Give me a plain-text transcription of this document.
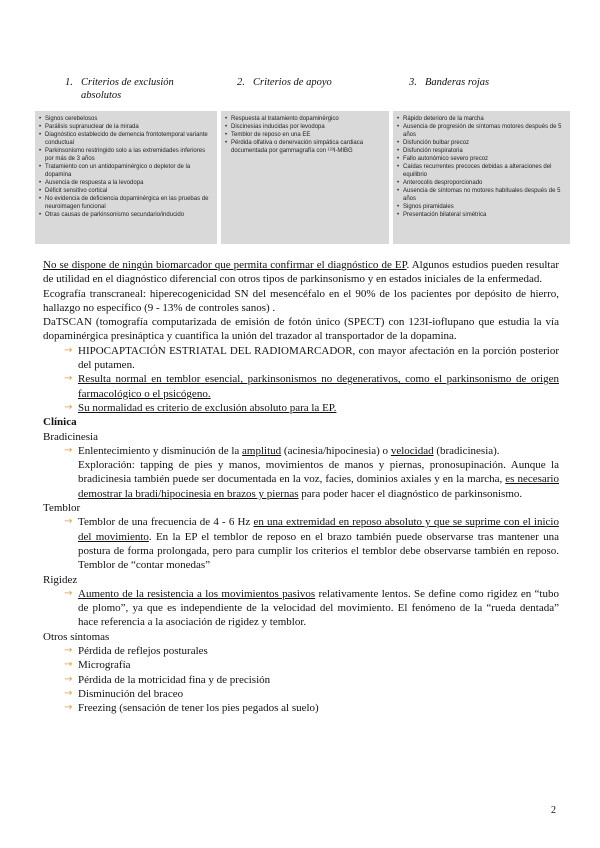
1. Criterios de exclusión
absolutos
2. Criterios de apoyo	3. Banderas rojas
• Signos cerebelosos
• Parálisis supranuclear de la mirada
• Diagnóstico establecido de demencia frontotemporal variante conductual
• Parkinsonismo restringido solo a las extremidades inferiores por más de 3 años
• Tratamiento con un antidopaminérgico o depletor de la dopamina
• Ausencia de respuesta a la levodopa
• Déficit sensitivo cortical
• No evidencia de deficiencia dopaminérgica en las pruebas de neuroimagen funcional
• Otras causas de parkinsonismo secundario/inducido
• Respuesta al tratamiento dopaminérgico
• Discinesias inducidas por levodopa
• Temblor de reposo en una EE
• Pérdida olfativa o denervación simpática cardiaca documentada por gammagrafía con ¹²³I-MIBG
• Rápido deterioro de la marcha
• Ausencia de progresión de síntomas motores después de 5 años
• Disfunción bulbar precoz
• Disfunción respiratoria
• Fallo autonómico severo precoz
• Caídas recurrentes precoces debidas a alteraciones del equilibrio
• Anterocolis desproporcionado
• Ausencia de síntomas no motores habituales después de 5 años
• Signos piramidales
• Presentación bilateral simétrica

No se dispone de ningún biomarcador que permita confirmar el diagnóstico de EP. Algunos estudios pueden resultar de utilidad en el diagnóstico diferencial con otros tipos de parkinsonismo y en estados iniciales de la enfermedad.

Ecografía transcraneal: hiperecogenicidad SN del mesencéfalo en el 90% de los pacientes por depósito de hierro, hallazgo no específico (9 - 13% de controles sanos) .

DaTSCAN (tomografía computarizada de emisión de fotón único (SPECT) con 123I-ioflupano que estudia la vía dopaminérgica presináptica y cuantifica la unión del trazador al transportador de la dopamina.

→ HIPOCAPTACIÓN ESTRIATAL DEL RADIOMARCADOR, con mayor afectación en la porción posterior del putamen.
→ Resulta normal en temblor esencial, parkinsonismos no degenerativos, como el parkinsonismo de origen farmacológico o el psicógeno.
→ Su normalidad es criterio de exclusión absoluto para la EP.

Clínica

Bradicinesia

→ Enlentecimiento y disminución de la amplitud (acinesia/hipocinesia) o velocidad (bradicinesia).
Exploración: tapping de pies y manos, movimientos de manos y piernas, pronosupinación. Aunque la bradicinesia también puede ser documentada en la voz, facies, dominios axiales y en la marcha, es necesario demostrar la bradi/hipocinesia en brazos y piernas para poder hacer el diagnóstico de parkinsonismo.

Temblor

→ Temblor de una frecuencia de 4 - 6 Hz en una extremidad en reposo absoluto y que se suprime con el inicio del movimiento. En la EP el temblor de reposo en el brazo también puede observarse tras mantener una postura de forma prolongada, pero para cumplir los criterios el temblor debe observarse también en reposo. Temblor de “contar monedas”

Rigidez

→ Aumento de la resistencia a los movimientos pasivos relativamente lentos. Se define como rigidez en “tubo de plomo”, ya que es independiente de la velocidad del movimiento. El fenómeno de la “rueda dentada” hace referencia a la asociación de rigidez y temblor.

Otros síntomas

→ Pérdida de reflejos posturales
→ Micrografía
→ Pérdida de la motricidad fina y de precisión
→ Disminución del braceo
→ Freezing (sensación de tener los pies pegados al suelo)
2
